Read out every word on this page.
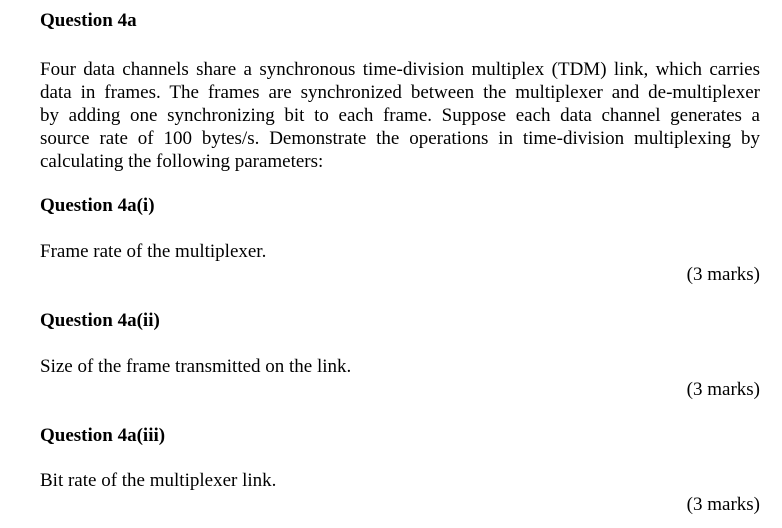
Question 4a
Four data channels share a synchronous time-division multiplex (TDM) link, which carries
data in frames. The frames are synchronized between the multiplexer and de-multiplexer
by adding one synchronizing bit to each frame. Suppose each data channel generates a
source rate of 100 bytes/s. Demonstrate the operations in time-division multiplexing by
calculating the following parameters:
Question 4a(i)
Frame rate of the multiplexer.
(3 marks)
Question 4a(ii)
Size of the frame transmitted on the link.
(3 marks)
Question 4a(iii)
Bit rate of the multiplexer link.
(3 marks)
